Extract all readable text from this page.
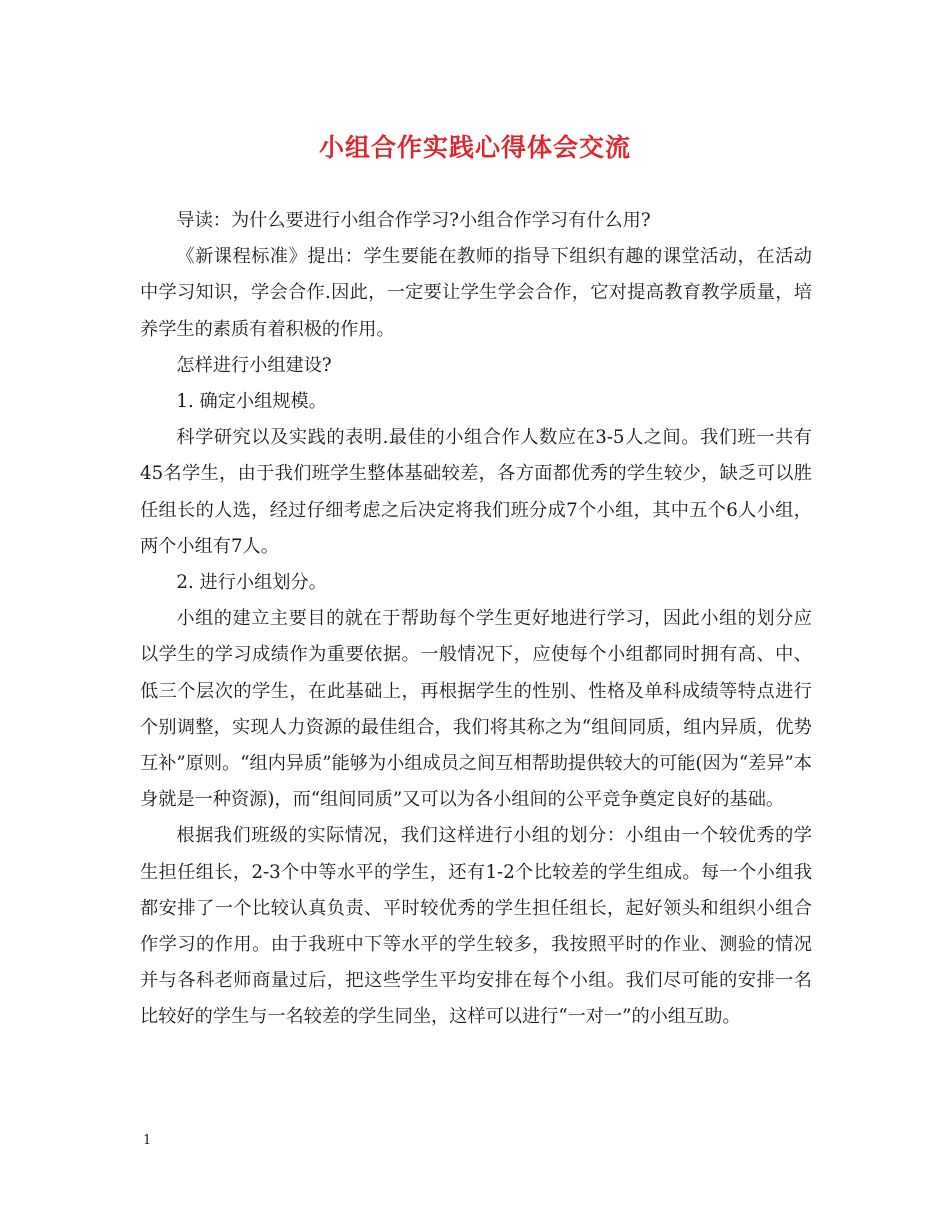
小组合作实践心得体会交流

导读：为什么要进行小组合作学习?小组合作学习有什么用?

《新课程标准》提出：学生要能在教师的指导下组织有趣的课堂活动，在活动中学习知识，学会合作.因此，一定要让学生学会合作，它对提高教育教学质量，培养学生的素质有着积极的作用。

怎样进行小组建设?

1. 确定小组规模。

科学研究以及实践的表明.最佳的小组合作人数应在3-5人之间。我们班一共有45名学生，由于我们班学生整体基础较差，各方面都优秀的学生较少，缺乏可以胜任组长的人选，经过仔细考虑之后决定将我们班分成7个小组，其中五个6人小组，两个小组有7人。

2. 进行小组划分。

小组的建立主要目的就在于帮助每个学生更好地进行学习，因此小组的划分应以学生的学习成绩作为重要依据。一般情况下，应使每个小组都同时拥有高、中、低三个层次的学生，在此基础上，再根据学生的性别、性格及单科成绩等特点进行个别调整，实现人力资源的最佳组合，我们将其称之为“组间同质，组内异质，优势互补”原则。“组内异质”能够为小组成员之间互相帮助提供较大的可能(因为“差异”本身就是一种资源)，而“组间同质”又可以为各小组间的公平竞争奠定良好的基础。

根据我们班级的实际情况，我们这样进行小组的划分：小组由一个较优秀的学生担任组长，2-3个中等水平的学生，还有1-2个比较差的学生组成。每一个小组我都安排了一个比较认真负责、平时较优秀的学生担任组长，起好领头和组织小组合作学习的作用。由于我班中下等水平的学生较多，我按照平时的作业、测验的情况并与各科老师商量过后，把这些学生平均安排在每个小组。我们尽可能的安排一名比较好的学生与一名较差的学生同坐，这样可以进行“一对一”的小组互助。

1
